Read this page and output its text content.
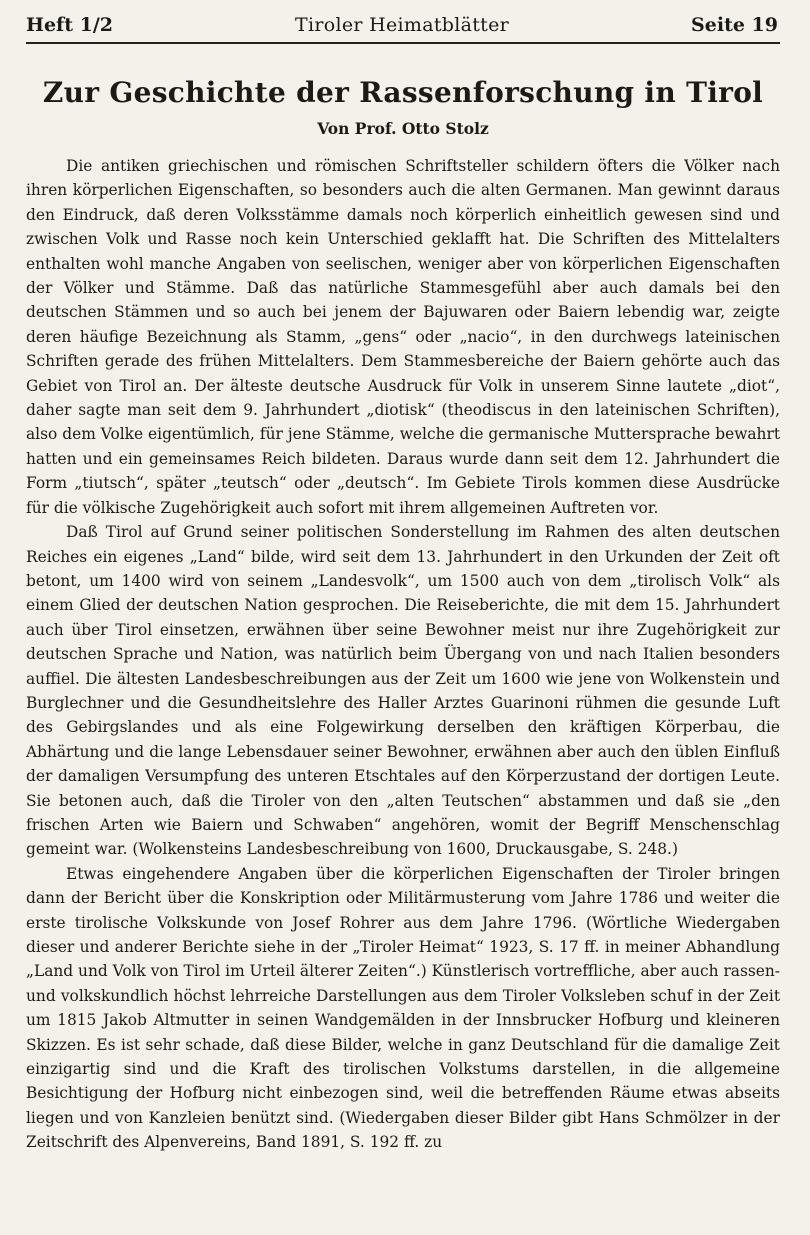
Heft 1/2	Tiroler Heimatblätter	Seite 19
Zur Geschichte der Rassenforschung in Tirol
Von Prof. Otto Stolz

Die antiken griechischen und römischen Schriftsteller schildern öfters die Völker nach ihren körperlichen Eigenschaften, so besonders auch die alten Germanen. Man gewinnt daraus den Eindruck, daß deren Volksstämme damals noch körperlich einheitlich gewesen sind und zwischen Volk und Rasse noch kein Unterschied geklafft hat. Die Schriften des Mittelalters enthalten wohl manche Angaben von seelischen, weniger aber von körperlichen Eigenschaften der Völker und Stämme. Daß das natürliche Stammesgefühl aber auch damals bei den deutschen Stämmen und so auch bei jenem der Bajuwaren oder Baiern lebendig war, zeigte deren häufige Bezeichnung als Stamm, „gens“ oder „nacio“, in den durchwegs lateinischen Schriften gerade des frühen Mittelalters. Dem Stammesbereiche der Baiern gehörte auch das Gebiet von Tirol an. Der älteste deutsche Ausdruck für Volk in unserem Sinne lautete „diot“, daher sagte man seit dem 9. Jahrhundert „diotisk“ (theodiscus in den lateinischen Schriften), also dem Volke eigentümlich, für jene Stämme, welche die germanische Muttersprache bewahrt hatten und ein gemeinsames Reich bildeten. Daraus wurde dann seit dem 12. Jahrhundert die Form „tiutsch“, später „teutsch“ oder „deutsch“. Im Gebiete Tirols kommen diese Ausdrücke für die völkische Zugehörigkeit auch sofort mit ihrem allgemeinen Auftreten vor.

Daß Tirol auf Grund seiner politischen Sonderstellung im Rahmen des alten deutschen Reiches ein eigenes „Land“ bilde, wird seit dem 13. Jahrhundert in den Urkunden der Zeit oft betont, um 1400 wird von seinem „Landesvolk“, um 1500 auch von dem „tirolisch Volk“ als einem Glied der deutschen Nation gesprochen. Die Reiseberichte, die mit dem 15. Jahrhundert auch über Tirol einsetzen, erwähnen über seine Bewohner meist nur ihre Zugehörigkeit zur deutschen Sprache und Nation, was natürlich beim Übergang von und nach Italien besonders auffiel. Die ältesten Landesbeschreibungen aus der Zeit um 1600 wie jene von Wolkenstein und Burglechner und die Gesundheitslehre des Haller Arztes Guarinoni rühmen die gesunde Luft des Gebirgslandes und als eine Folgewirkung derselben den kräftigen Körperbau, die Abhärtung und die lange Lebensdauer seiner Bewohner, erwähnen aber auch den üblen Einfluß der damaligen Versumpfung des unteren Etschtales auf den Körperzustand der dortigen Leute. Sie betonen auch, daß die Tiroler von den „alten Teutschen“ abstammen und daß sie „den frischen Arten wie Baiern und Schwaben“ angehören, womit der Begriff Menschenschlag gemeint war. (Wolkensteins Landesbeschreibung von 1600, Druckausgabe, S. 248.)

Etwas eingehendere Angaben über die körperlichen Eigenschaften der Tiroler bringen dann der Bericht über die Konskription oder Militärmusterung vom Jahre 1786 und weiter die erste tirolische Volkskunde von Josef Rohrer aus dem Jahre 1796. (Wörtliche Wiedergaben dieser und anderer Berichte siehe in der „Tiroler Heimat“ 1923, S. 17 ff. in meiner Abhandlung „Land und Volk von Tirol im Urteil älterer Zeiten“.) Künstlerisch vortreffliche, aber auch rassen- und volkskundlich höchst lehrreiche Darstellungen aus dem Tiroler Volksleben schuf in der Zeit um 1815 Jakob Altmutter in seinen Wandgemälden in der Innsbrucker Hofburg und kleineren Skizzen. Es ist sehr schade, daß diese Bilder, welche in ganz Deutschland für die damalige Zeit einzigartig sind und die Kraft des tirolischen Volkstums darstellen, in die allgemeine Besichtigung der Hofburg nicht einbezogen sind, weil die betreffenden Räume etwas abseits liegen und von Kanzleien benützt sind. (Wiedergaben dieser Bilder gibt Hans Schmölzer in der Zeitschrift des Alpenvereins, Band 1891, S. 192 ff. zu
